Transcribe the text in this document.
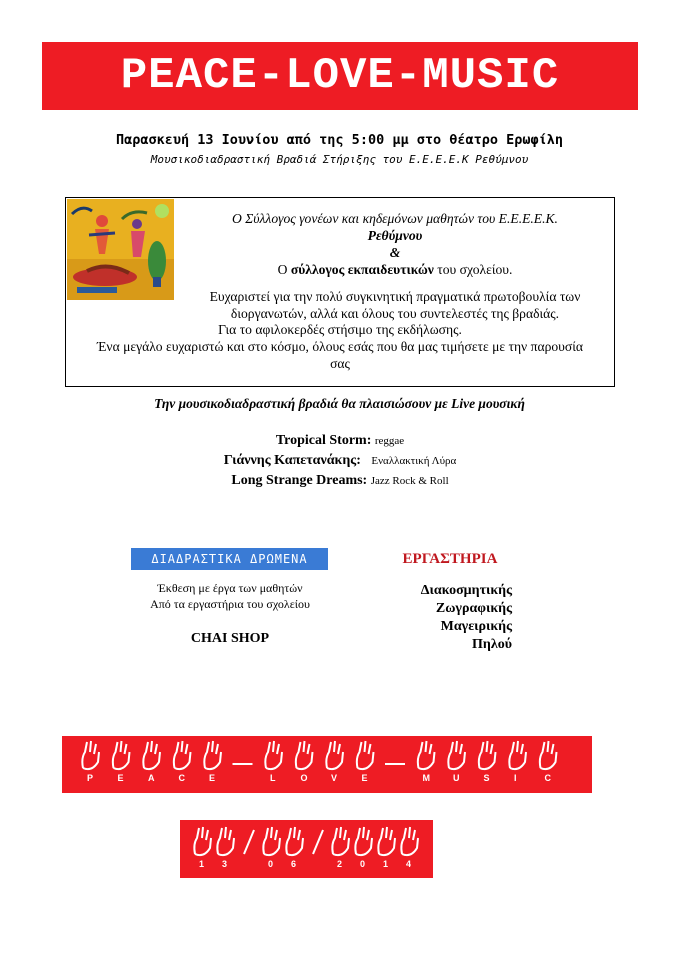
PEACE-LOVE-MUSIC
Παρασκευή 13 Ιουνίου από της 5:00 μμ στο θέατρο Ερωφίλη
Μουσικοδιαδραστική Βραδιά Στήριξης του Ε.Ε.Ε.Ε.Κ Ρεθύμνου
Ο Σύλλογος γονέων και κηδεμόνων μαθητών του Ε.Ε.Ε.Ε.Κ.
Ρεθύμνου
&
Ο σύλλογος εκπαιδευτικών του σχολείου.
Ευχαριστεί για την πολύ συγκινητική πραγματικά πρωτοβουλία των διοργανωτών, αλλά και όλους του συντελεστές της βραδιάς.
Για το αφιλοκερδές στήσιμο της εκδήλωσης.
Ένα μεγάλο ευχαριστώ και στο κόσμο, όλους εσάς που θα μας τιμήσετε με την παρουσία σας
Την μουσικοδιαδραστική βραδιά θα πλαισιώσουν με Live μουσική
Tropical Storm: reggae
Γιάννης Καπετανάκης: Εναλλακτική Λύρα
Long Strange Dreams: Jazz Rock & Roll
ΔΙΑΔΡΑΣΤΙΚΑ ΔΡΩΜΕΝΑ
Έκθεση με έργα των μαθητών
Από τα εργαστήρια του σχολείου
CHAI SHOP
ΕΡΓΑΣΤΗΡΙΑ
Διακοσμητικής
Ζωγραφικής
Μαγειρικής
Πηλού
P	E	A	C	E	L	O	V	E	M	U	S	I	C
1 3	0 6	2 0 1 4
